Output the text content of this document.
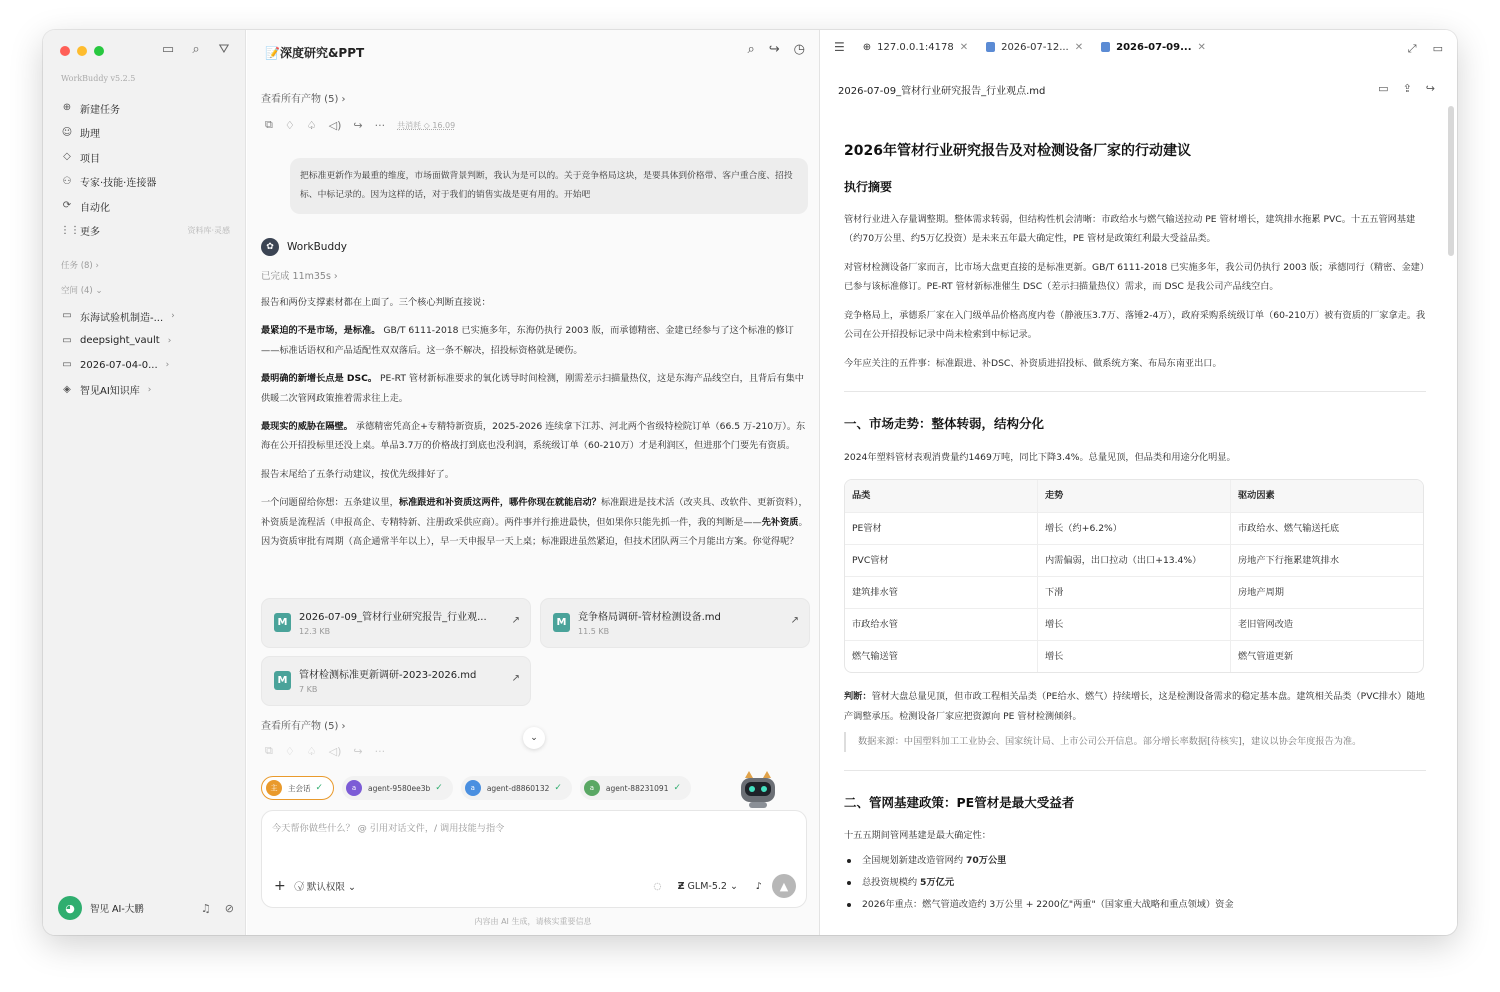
▭	⌕	⛛
WorkBuddy v5.2.5
⊕ 新建任务
☺ 助理
◇ 项目
⚇ 专家·技能·连接器
⟳ 自动化
⋮⋮ 更多	资料库·灵感
任务 (8) ›
空间 (4) ⌄
▭ 东海试验机制造-... ›
▭ deepsight_vault ›
▭ 2026-07-04-0... ›
◈ 智见AI知识库 ›
◕	智见 AI-大鹏	♫ ⊘
📝深度研究&PPT	⌕ ↪ ◷
查看所有产物 (5) ›
⧉ ♢ ♤ ◁) ↪ ··· 共消耗 ◇ 16.09
把标准更新作为最重的维度，市场面做背景判断，我认为是可以的。关于竞争格局这块，是要具体到价格带、客户重合度、招投标、中标记录的。因为这样的话，对于我们的销售实战是更有用的。开始吧
✿	WorkBuddy
已完成 11m35s ›

报告和两份支撑素材都在上面了。三个核心判断直接说：

最紧迫的不是市场，是标准。 GB/T 6111-2018 已实施多年，东海仍执行 2003 版，而承德精密、金建已经参与了这个标准的修订——标准话语权和产品适配性双双落后。这一条不解决，招投标资格就是硬伤。

最明确的新增长点是 DSC。 PE-RT 管材新标准要求的氧化诱导时间检测，刚需差示扫描量热仪，这是东海产品线空白，且背后有集中供暖二次管网政策推着需求往上走。

最现实的威胁在隔壁。 承德精密凭高企+专精特新资质，2025-2026 连续拿下江苏、河北两个省级特检院订单（66.5 万-210万）。东海在公开招投标里还没上桌。单品3.7万的价格战打到底也没利润，系统级订单（60-210万）才是利润区，但进那个门要先有资质。

报告末尾给了五条行动建议，按优先级排好了。

一个问题留给你想：五条建议里，标准跟进和补资质这两件，哪件你现在就能启动？标准跟进是技术活（改夹具、改软件、更新资料），补资质是流程活（申报高企、专精特新、注册政采供应商）。两件事并行推进最快，但如果你只能先抓一件，我的判断是——先补资质。因为资质审批有周期（高企通常半年以上），早一天申报早一天上桌；标准跟进虽然紧迫，但技术团队两三个月能出方案。你觉得呢？

M	2026-07-09_管材行业研究报告_行业观...
12.3 KB
↗	M	竞争格局调研-管材检测设备.md
11.5 KB
↗
M	管材检测标准更新调研-2023-2026.md
7 KB
↗
查看所有产物 (5) ›
⌄
⧉ ♢ ♤ ◁) ↪ ···
主	主会话 ✓	a	agent-9580ee3b ✓	a	agent-d8860132 ✓	a	agent-88231091 ✓
今天帮你做些什么？ @ 引用对话文件，/ 调用技能与指令
+ ✓⃝ 默认权限 ⌄	◌ Ƶ GLM-5.2 ⌄ ♪ ▲
内容由 AI 生成，请核实重要信息
☰ ⊕ 127.0.0.1:4178 ✕	2026-07-12... ✕	2026-07-09... ✕	⤢ ▭
2026-07-09_管材行业研究报告_行业观点.md	▭ ⇪ ↪
2026年管材行业研究报告及对检测设备厂家的行动建议
执行摘要

管材行业进入存量调整期。整体需求转弱，但结构性机会清晰：市政给水与燃气输送拉动 PE 管材增长，建筑排水拖累 PVC。十五五管网基建（约70万公里、约5万亿投资）是未来五年最大确定性，PE 管材是政策红利最大受益品类。

对管材检测设备厂家而言，比市场大盘更直接的是标准更新。GB/T 6111-2018 已实施多年，我公司仍执行 2003 版；承德同行（精密、金建）已参与该标准修订。PE-RT 管材新标准催生 DSC（差示扫描量热仪）需求，而 DSC 是我公司产品线空白。

竞争格局上，承德系厂家在入门级单品价格高度内卷（静液压3.7万、落锤2-4万），政府采购系统级订单（60-210万）被有资质的厂家拿走。我公司在公开招投标记录中尚未检索到中标记录。

今年应关注的五件事：标准跟进、补DSC、补资质进招投标、做系统方案、布局东南亚出口。

一、市场走势：整体转弱，结构分化

2024年塑料管材表观消费量约1469万吨，同比下降3.4%。总量见顶，但品类和用途分化明显。

品类	走势	驱动因素
PE管材	增长（约+6.2%）	市政给水、燃气输送托底
PVC管材	内需偏弱，出口拉动（出口+13.4%）	房地产下行拖累建筑排水
建筑排水管	下滑	房地产周期
市政给水管	增长	老旧管网改造
燃气输送管	增长	燃气管道更新

判断：管材大盘总量见顶，但市政工程相关品类（PE给水、燃气）持续增长，这是检测设备需求的稳定基本盘。建筑相关品类（PVC排水）随地产调整承压。检测设备厂家应把资源向 PE 管材检测倾斜。

数据来源：中国塑料加工工业协会、国家统计局、上市公司公开信息。部分增长率数据[待核实]，建议以协会年度报告为准。
二、管网基建政策：PE管材是最大受益者

十五五期间管网基建是最大确定性：

全国规划新建改造管网约 70万公里
总投资规模约 5万亿元
2026年重点：燃气管道改造约 3万公里 + 2200亿"两重"（国家重大战略和重点领域）资金
